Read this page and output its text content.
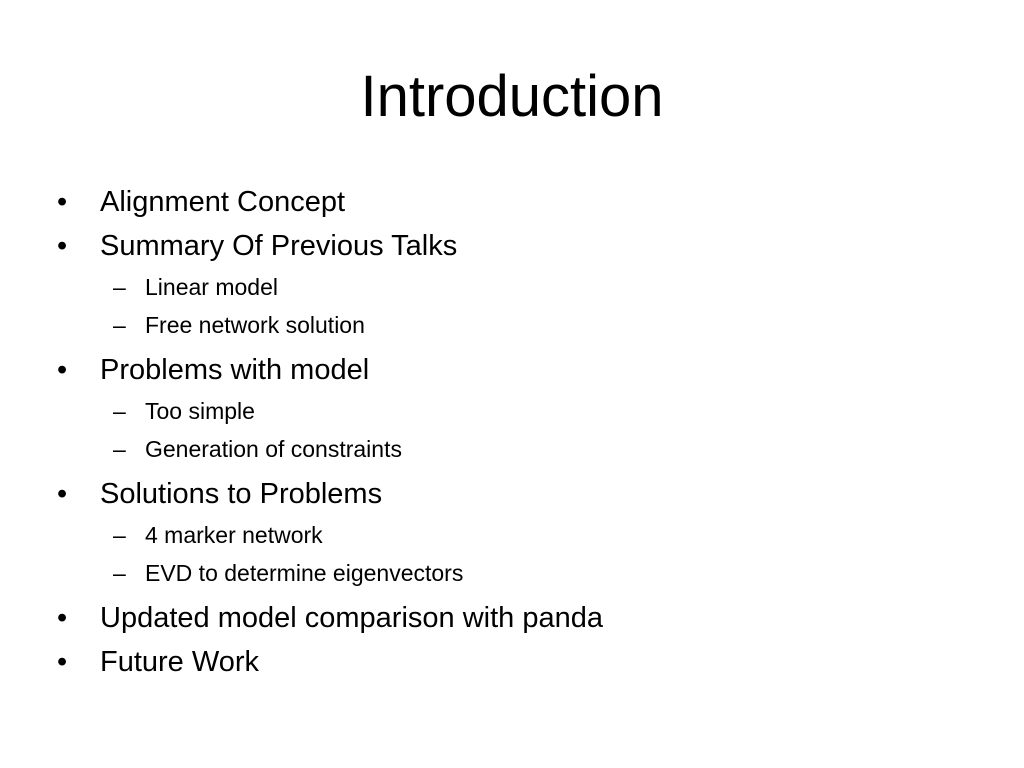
Introduction
•	Alignment Concept
•	Summary Of Previous Talks
– Linear model
– Free network solution
•	Problems with model
– Too simple
– Generation of constraints
•	Solutions to Problems
– 4 marker network
– EVD to determine eigenvectors
•	Updated model comparison with panda
•	Future Work
